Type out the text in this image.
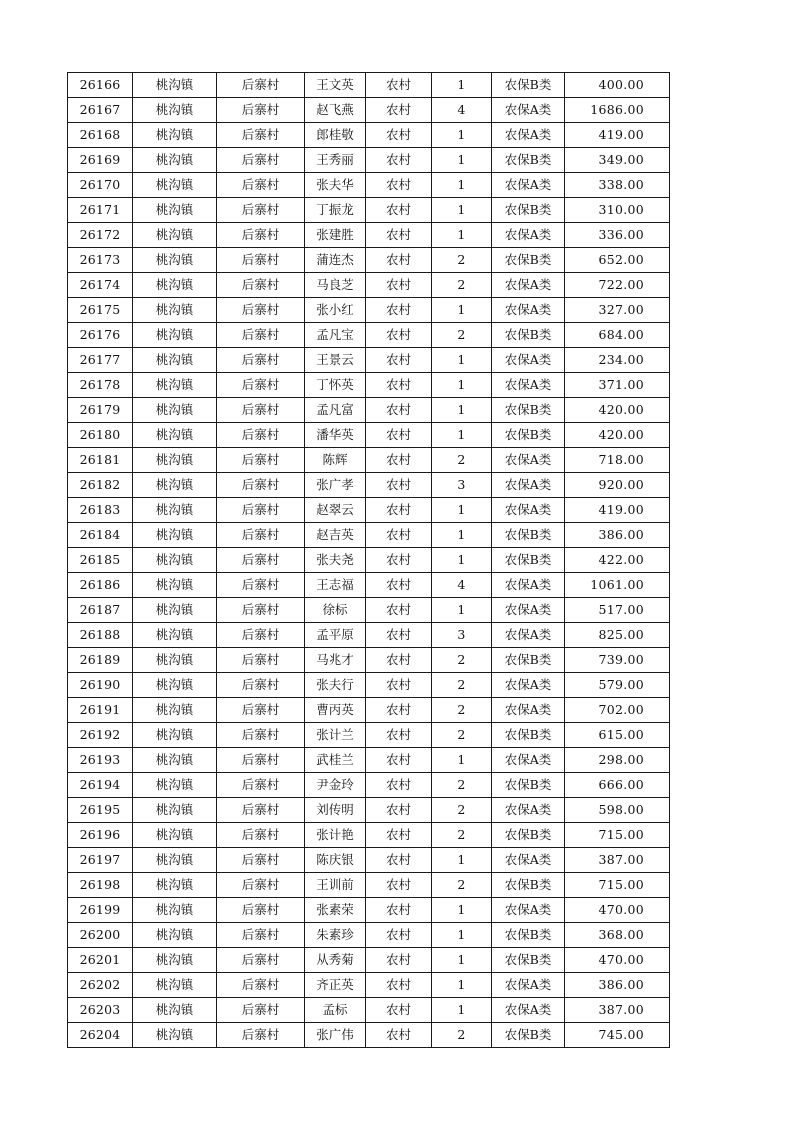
26166	桃沟镇	后寨村	王文英	农村	1	农保B类	400.00
26167	桃沟镇	后寨村	赵飞燕	农村	4	农保A类	1686.00
26168	桃沟镇	后寨村	郎桂敬	农村	1	农保A类	419.00
26169	桃沟镇	后寨村	王秀丽	农村	1	农保B类	349.00
26170	桃沟镇	后寨村	张夫华	农村	1	农保A类	338.00
26171	桃沟镇	后寨村	丁振龙	农村	1	农保B类	310.00
26172	桃沟镇	后寨村	张建胜	农村	1	农保A类	336.00
26173	桃沟镇	后寨村	蒲连杰	农村	2	农保B类	652.00
26174	桃沟镇	后寨村	马良芝	农村	2	农保A类	722.00
26175	桃沟镇	后寨村	张小红	农村	1	农保A类	327.00
26176	桃沟镇	后寨村	孟凡宝	农村	2	农保B类	684.00
26177	桃沟镇	后寨村	王景云	农村	1	农保A类	234.00
26178	桃沟镇	后寨村	丁怀英	农村	1	农保A类	371.00
26179	桃沟镇	后寨村	孟凡富	农村	1	农保B类	420.00
26180	桃沟镇	后寨村	潘华英	农村	1	农保B类	420.00
26181	桃沟镇	后寨村	陈辉	农村	2	农保A类	718.00
26182	桃沟镇	后寨村	张广孝	农村	3	农保A类	920.00
26183	桃沟镇	后寨村	赵翠云	农村	1	农保A类	419.00
26184	桃沟镇	后寨村	赵吉英	农村	1	农保B类	386.00
26185	桃沟镇	后寨村	张夫尧	农村	1	农保B类	422.00
26186	桃沟镇	后寨村	王志福	农村	4	农保A类	1061.00
26187	桃沟镇	后寨村	徐标	农村	1	农保A类	517.00
26188	桃沟镇	后寨村	孟平原	农村	3	农保A类	825.00
26189	桃沟镇	后寨村	马兆才	农村	2	农保B类	739.00
26190	桃沟镇	后寨村	张夫行	农村	2	农保A类	579.00
26191	桃沟镇	后寨村	曹丙英	农村	2	农保A类	702.00
26192	桃沟镇	后寨村	张计兰	农村	2	农保B类	615.00
26193	桃沟镇	后寨村	武桂兰	农村	1	农保A类	298.00
26194	桃沟镇	后寨村	尹金玲	农村	2	农保B类	666.00
26195	桃沟镇	后寨村	刘传明	农村	2	农保A类	598.00
26196	桃沟镇	后寨村	张计艳	农村	2	农保B类	715.00
26197	桃沟镇	后寨村	陈庆银	农村	1	农保A类	387.00
26198	桃沟镇	后寨村	王训前	农村	2	农保B类	715.00
26199	桃沟镇	后寨村	张素荣	农村	1	农保A类	470.00
26200	桃沟镇	后寨村	朱素珍	农村	1	农保B类	368.00
26201	桃沟镇	后寨村	从秀菊	农村	1	农保B类	470.00
26202	桃沟镇	后寨村	齐正英	农村	1	农保A类	386.00
26203	桃沟镇	后寨村	孟标	农村	1	农保A类	387.00
26204	桃沟镇	后寨村	张广伟	农村	2	农保B类	745.00
